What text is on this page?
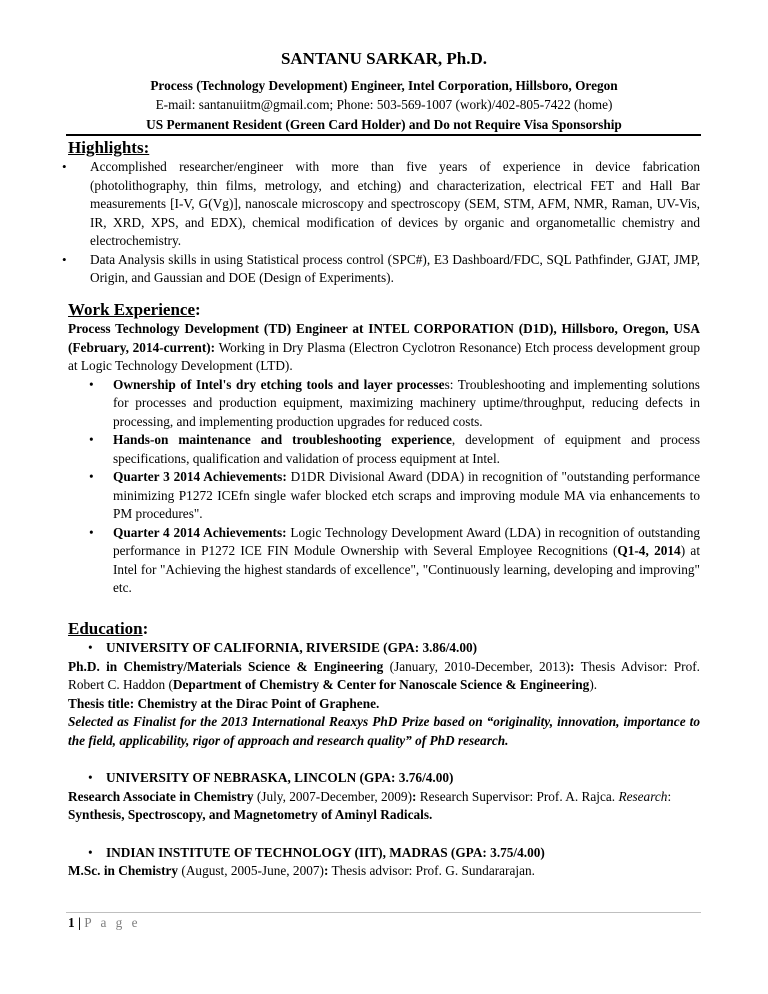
SANTANU SARKAR, Ph.D.
Process (Technology Development) Engineer, Intel Corporation, Hillsboro, Oregon
E-mail: santanuiitm@gmail.com; Phone: 503-569-1007 (work)/402-805-7422 (home)
US Permanent Resident (Green Card Holder) and Do not Require Visa Sponsorship
Highlights:
• Accomplished researcher/engineer with more than five years of experience in device fabrication (photolithography, thin films, metrology, and etching) and characterization, electrical FET and Hall Bar measurements [I-V, G(Vg)], nanoscale microscopy and spectroscopy (SEM, STM, AFM, NMR, Raman, UV-Vis, IR, XRD, XPS, and EDX), chemical modification of devices by organic and organometallic chemistry and electrochemistry.
• Data Analysis skills in using Statistical process control (SPC#), E3 Dashboard/FDC, SQL Pathfinder, GJAT, JMP, Origin, and Gaussian and DOE (Design of Experiments).
Work Experience:
Process Technology Development (TD) Engineer at INTEL CORPORATION (D1D), Hillsboro, Oregon, USA (February, 2014-current): Working in Dry Plasma (Electron Cyclotron Resonance) Etch process development group at Logic Technology Development (LTD).
• Ownership of Intel's dry etching tools and layer processes: Troubleshooting and implementing solutions for processes and production equipment, maximizing machinery uptime/throughput, reducing defects in processing, and implementing production upgrades for reduced costs.
• Hands-on maintenance and troubleshooting experience, development of equipment and process specifications, qualification and validation of process equipment at Intel.
• Quarter 3 2014 Achievements: D1DR Divisional Award (DDA) in recognition of "outstanding performance minimizing P1272 ICEfn single wafer blocked etch scraps and improving module MA via enhancements to PM procedures".
• Quarter 4 2014 Achievements: Logic Technology Development Award (LDA) in recognition of outstanding performance in P1272 ICE FIN Module Ownership with Several Employee Recognitions (Q1-4, 2014) at Intel for "Achieving the highest standards of excellence", "Continuously learning, developing and improving" etc.
Education:
• UNIVERSITY OF CALIFORNIA, RIVERSIDE (GPA: 3.86/4.00)
Ph.D. in Chemistry/Materials Science & Engineering (January, 2010-December, 2013): Thesis Advisor: Prof. Robert C. Haddon (Department of Chemistry & Center for Nanoscale Science & Engineering).
Thesis title: Chemistry at the Dirac Point of Graphene.
Selected as Finalist for the 2013 International Reaxys PhD Prize based on “originality, innovation, importance to the field, applicability, rigor of approach and research quality” of PhD research.
• UNIVERSITY OF NEBRASKA, LINCOLN (GPA: 3.76/4.00)
Research Associate in Chemistry (July, 2007-December, 2009): Research Supervisor: Prof. A. Rajca. Research:
Synthesis, Spectroscopy, and Magnetometry of Aminyl Radicals.
• INDIAN INSTITUTE OF TECHNOLOGY (IIT), MADRAS (GPA: 3.75/4.00)
M.Sc. in Chemistry (August, 2005-June, 2007): Thesis advisor: Prof. G. Sundararajan.
1 | P a g e
